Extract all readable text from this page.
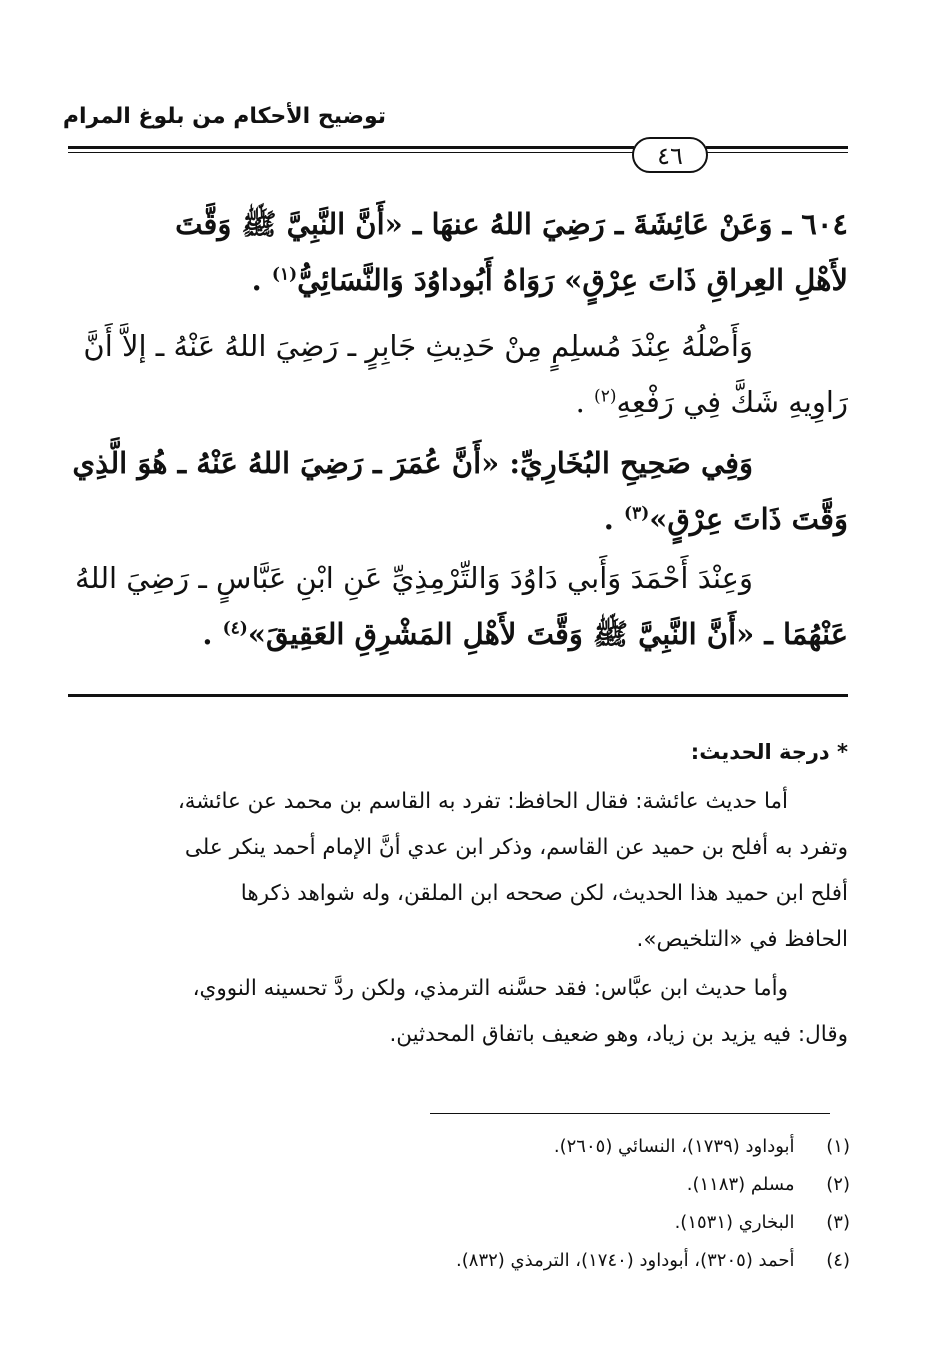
توضيح الأحكام من بلوغ المرام
٤٦
٦٠٤ ـ وَعَنْ عَائِشَةَ ـ رَضِيَ اللهُ عنهَا ـ «أَنَّ النَّبِيَّ ﷺ وَقَّتَ
لأَهْلِ العِراقِ ذَاتَ عِرْقٍ» رَوَاهُ أَبُوداوُدَ وَالنَّسَائِيُّ$^{(١)}$ .
وَأَصْلُهُ عِنْدَ مُسلِمٍ مِنْ حَدِيثِ جَابِرٍ ـ رَضِيَ اللهُ عَنْهُ ـ إلاَّ أَنَّ
رَاوِيهِ شَكَّ فِي رَفْعِهِ$^{(٢)}$ .
وَفِي صَحِيحِ البُخَارِيِّ: «أَنَّ عُمَرَ ـ رَضِيَ اللهُ عَنْهُ ـ هُوَ الَّذِي
وَقَّتَ ذَاتَ عِرْقٍ»$^{(٣)}$ .
وَعِنْدَ أَحْمَدَ وَأَبي دَاوُدَ وَالتِّرْمِذِيِّ عَنِ ابْنِ عَبَّاسٍ ـ رَضِيَ اللهُ
عَنْهُمَا ـ «أَنَّ النَّبِيَّ ﷺ وَقَّتَ لأَهْلِ المَشْرِقِ العَقِيقَ»$^{(٤)}$ .
* درجة الحديث:
أما حديث عائشة: فقال الحافظ: تفرد به القاسم بن محمد عن عائشة،
وتفرد به أفلح بن حميد عن القاسم، وذكر ابن عدي أنَّ الإمام أحمد ينكر على
أفلح ابن حميد هذا الحديث، لكن صححه ابن الملقن، وله شواهد ذكرها
الحافظ في «التلخيص».
وأما حديث ابن عبَّاس: فقد حسَّنه الترمذي، ولكن ردَّ تحسينه النووي،
وقال: فيه يزيد بن زياد، وهو ضعيف باتفاق المحدثين.
(١)  أبوداود (١٧٣٩)، النسائي (٢٦٠٥).
(٢)  مسلم (١١٨٣).
(٣)  البخاري (١٥٣١).
(٤)  أحمد (٣٢٠٥)، أبوداود (١٧٤٠)، الترمذي (٨٣٢).
